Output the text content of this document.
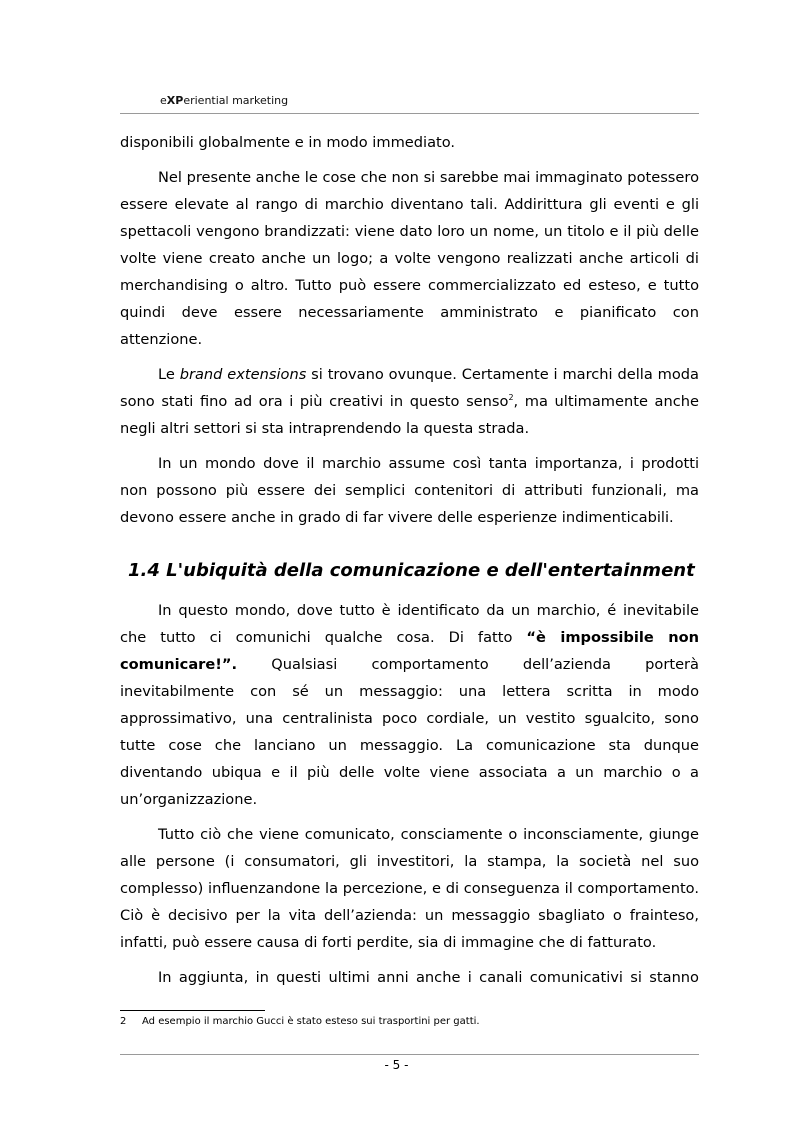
eXPeriential marketing

disponibili globalmente e in modo immediato.

Nel presente anche le cose che non si sarebbe mai immaginato potessero essere elevate al rango di marchio diventano tali. Addirittura gli eventi e gli spettacoli vengono brandizzati: viene dato loro un nome, un titolo e il più delle volte viene creato anche un logo; a volte vengono realizzati anche articoli di merchandising o altro. Tutto può essere commercializzato ed esteso, e tutto quindi deve essere necessariamente amministrato e pianificato con attenzione.

Le brand extensions si trovano ovunque. Certamente i marchi della moda sono stati fino ad ora i più creativi in questo senso$^2$, ma ultimamente anche negli altri settori si sta intraprendendo la questa strada.

In un mondo dove il marchio assume così tanta importanza, i prodotti non possono più essere dei semplici contenitori di attributi funzionali, ma devono essere anche in grado di far vivere delle esperienze indimenticabili.

1.4 L'ubiquità della comunicazione e dell'entertainment

In questo mondo, dove tutto è identificato da un marchio, é inevitabile che tutto ci comunichi qualche cosa. Di fatto “è impossibile non comunicare!”. Qualsiasi comportamento dell’azienda porterà inevitabilmente con sé un messaggio: una lettera scritta in modo approssimativo, una centralinista poco cordiale, un vestito sgualcito, sono tutte cose che lanciano un messaggio. La comunicazione sta dunque diventando ubiqua e il più delle volte viene associata a un marchio o a un’organizzazione.

Tutto ciò che viene comunicato, consciamente o inconsciamente, giunge alle persone (i consumatori, gli investitori, la stampa, la società nel suo complesso) influenzandone la percezione, e di conseguenza il comportamento. Ciò è decisivo per la vita dell’azienda: un messaggio sbagliato o frainteso, infatti, può essere causa di forti perdite, sia di immagine che di fatturato.

In aggiunta, in questi ultimi anni anche i canali comunicativi si stanno

2 Ad esempio il marchio Gucci è stato esteso sui trasportini per gatti.
- 5 -
